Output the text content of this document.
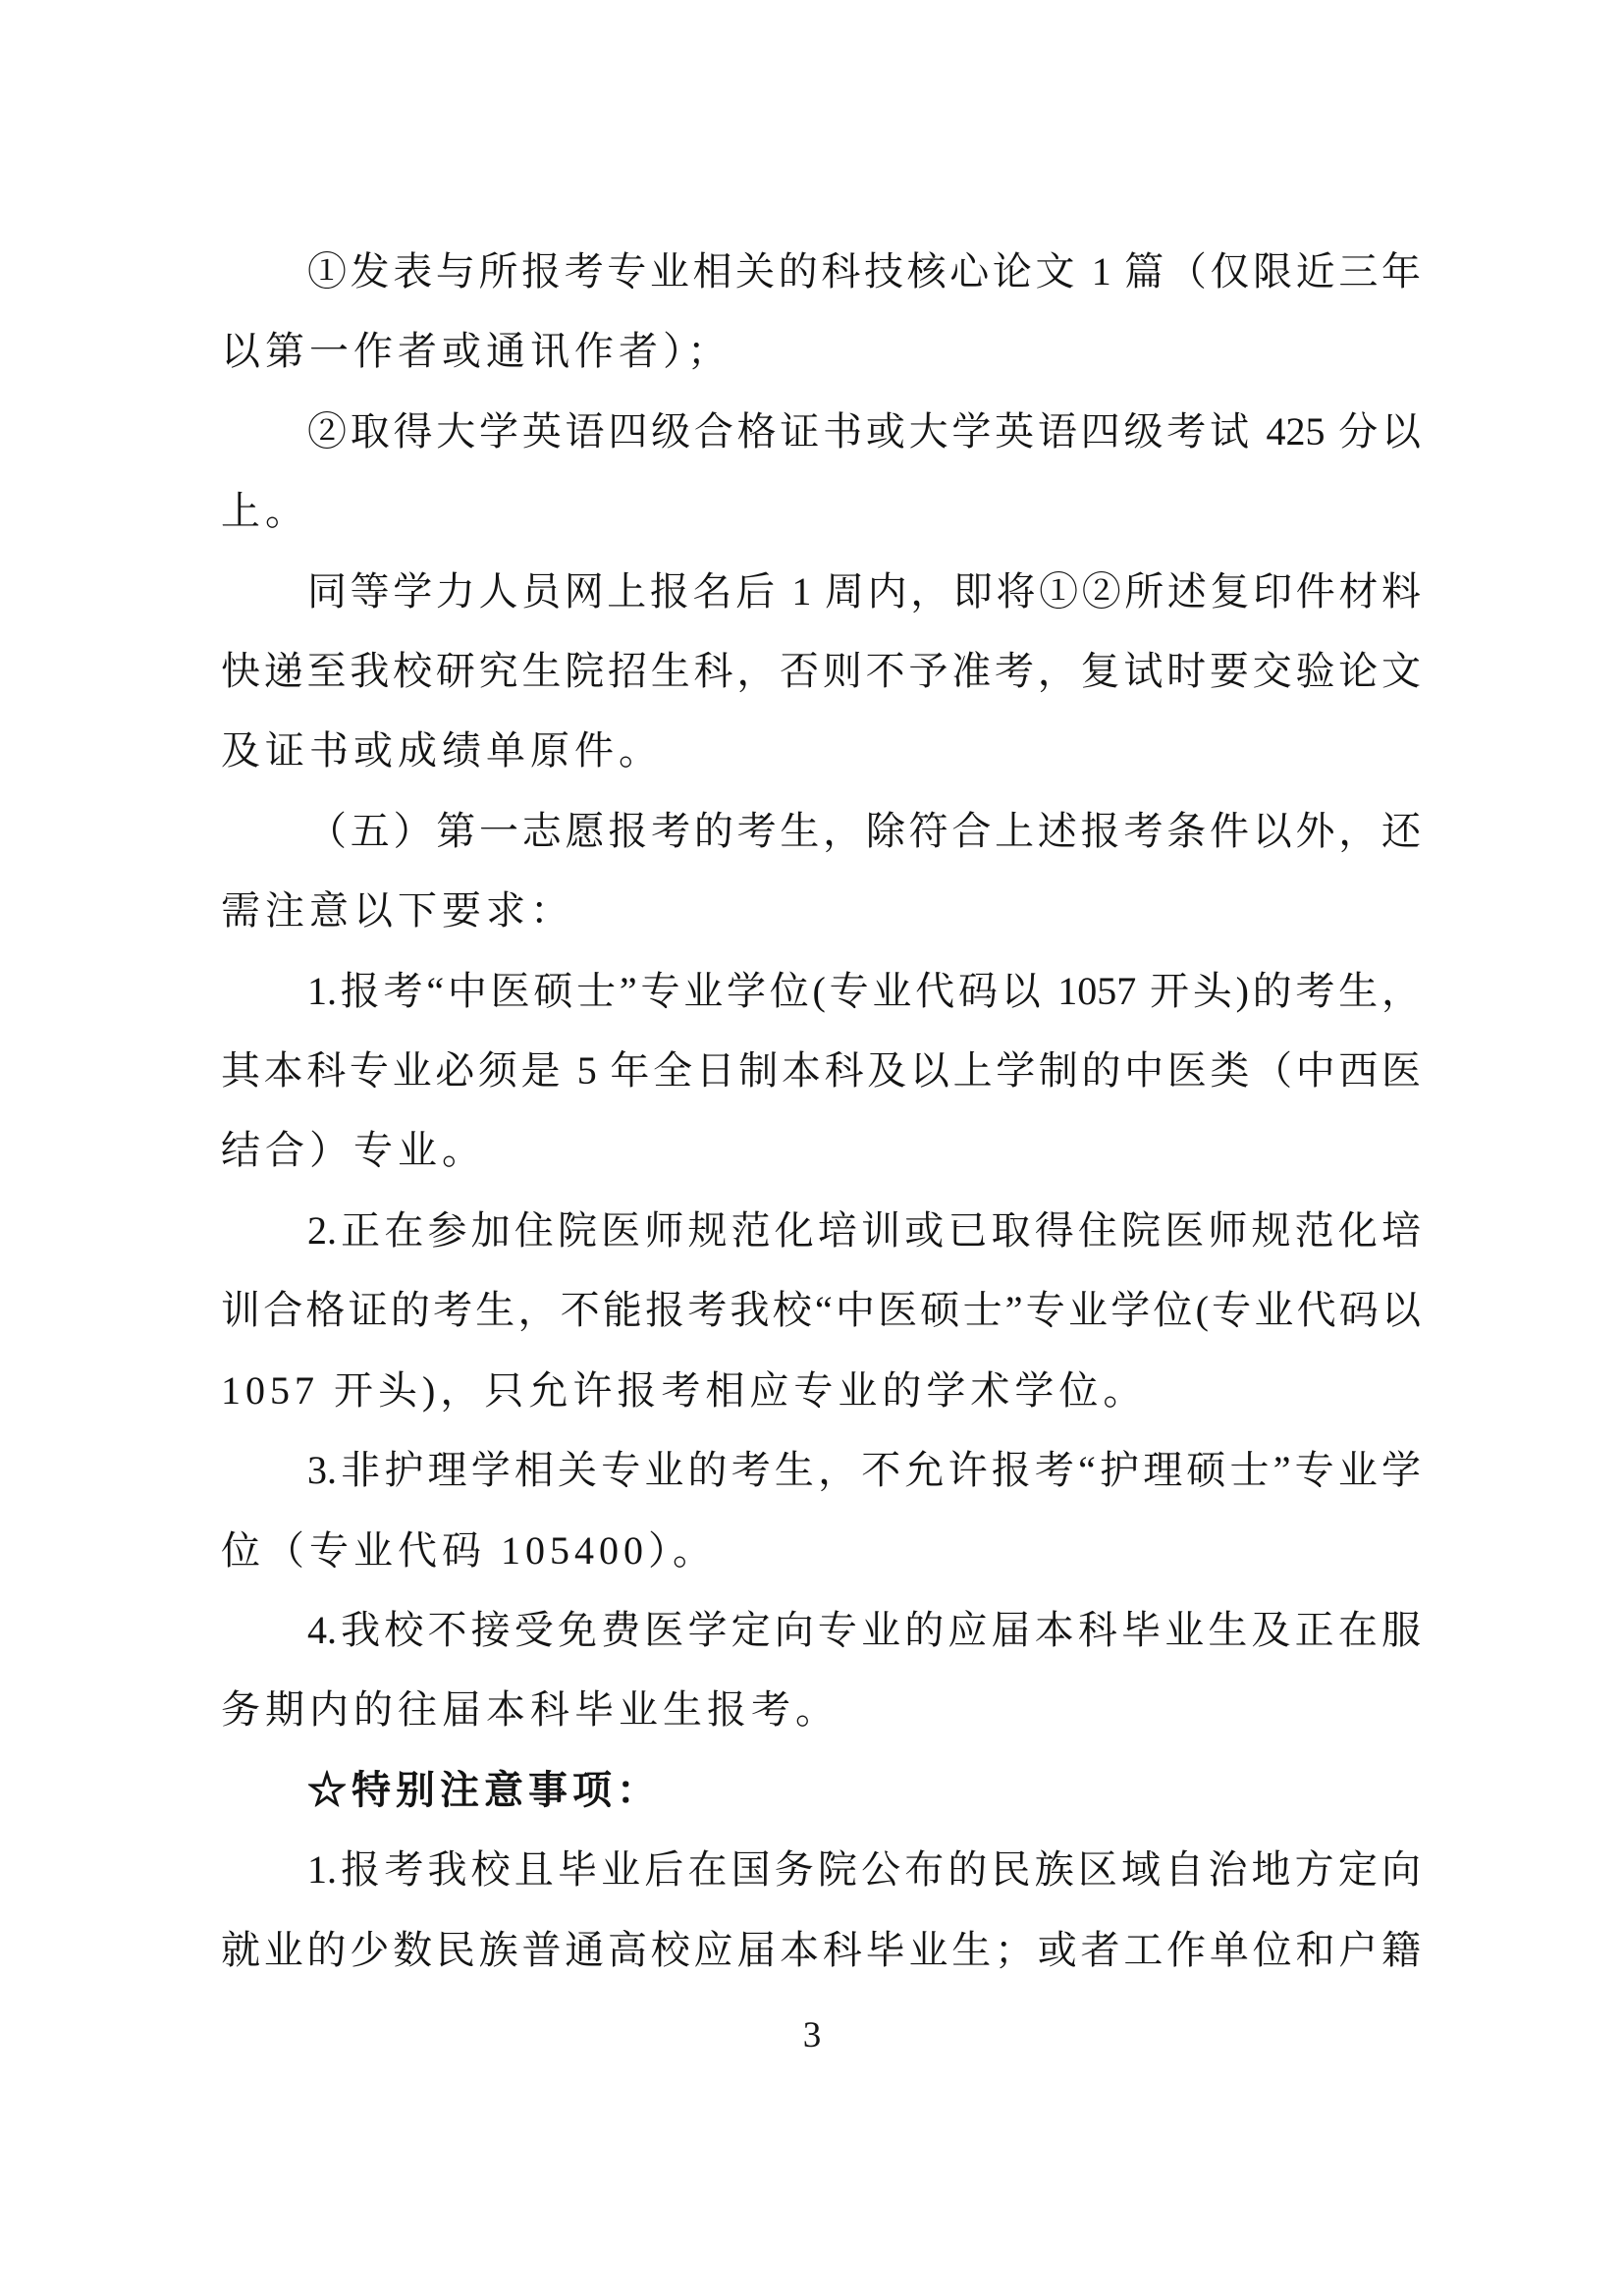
①发表与所报考专业相关的科技核心论文 1 篇（仅限近三年
以第一作者或通讯作者）；
②取得大学英语四级合格证书或大学英语四级考试 425 分以
上。
同等学力人员网上报名后 1 周内，即将①②所述复印件材料
快递至我校研究生院招生科，否则不予准考，复试时要交验论文
及证书或成绩单原件。
（五）第一志愿报考的考生，除符合上述报考条件以外，还
需注意以下要求：
1.报考“中医硕士”专业学位(专业代码以 1057 开头)的考生，
其本科专业必须是 5 年全日制本科及以上学制的中医类（中西医
结合）专业。
2.正在参加住院医师规范化培训或已取得住院医师规范化培
训合格证的考生，不能报考我校“中医硕士”专业学位(专业代码以
1057 开头)，只允许报考相应专业的学术学位。
3.非护理学相关专业的考生，不允许报考“护理硕士”专业学
位（专业代码 105400）。
4.我校不接受免费医学定向专业的应届本科毕业生及正在服
务期内的往届本科毕业生报考。
☆特别注意事项：
1.报考我校且毕业后在国务院公布的民族区域自治地方定向
就业的少数民族普通高校应届本科毕业生；或者工作单位和户籍
3
